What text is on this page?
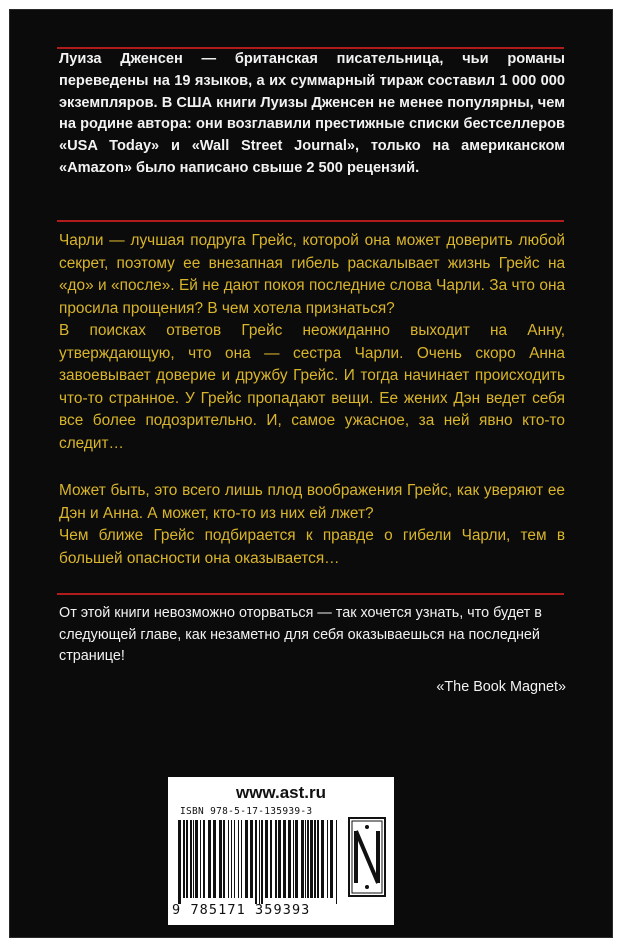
Луиза Дженсен — британская писательница, чьи романы переведены на 19 языков, а их суммарный тираж составил 1 000 000 экземпляров. В США книги Луизы Дженсен не менее популярны, чем на родине автора: они возглавили престижные списки бестселлеров «USA Today» и «Wall Street Journal», только на американском «Amazon» было написано свыше 2 500 рецензий.

Чарли — лучшая подруга Грейс, которой она может доверить любой секрет, поэтому ее внезапная гибель раскалывает жизнь Грейс на «до» и «после». Ей не дают покоя последние слова Чарли. За что она просила прощения? В чем хотела признаться?

В поисках ответов Грейс неожиданно выходит на Анну, утверждающую, что она — сестра Чарли. Очень скоро Анна завоевывает доверие и дружбу Грейс. И тогда начинает происходить что-то странное. У Грейс пропадают вещи. Ее жених Дэн ведет себя все более подозрительно. И, самое ужасное, за ней явно кто-то следит…

Может быть, это всего лишь плод воображения Грейс, как уверяют ее Дэн и Анна. А может, кто-то из них ей лжет?

Чем ближе Грейс подбирается к правде о гибели Чарли, тем в большей опасности она оказывается…

От этой книги невозможно оторваться — так хочется узнать, что будет в следующей главе, как незаметно для себя оказываешься на последней странице!

«The Book Magnet»
www.ast.ru
ISBN 978-5-17-135939-3
9 785171 359393
